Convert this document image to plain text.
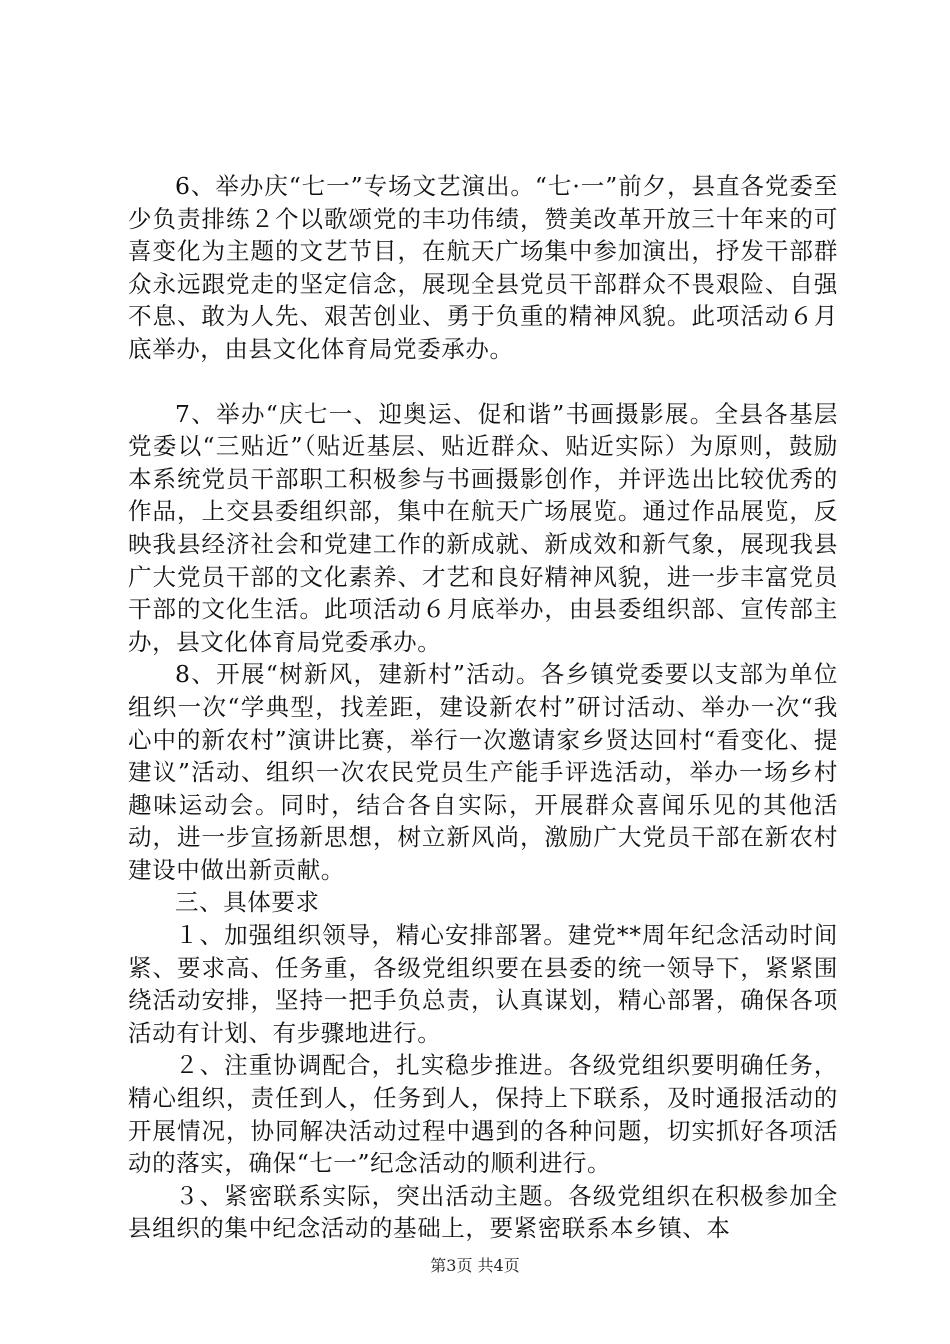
6、举办庆“七一”专场文艺演出。“七·一”前夕，县直各党委至少负责排练２个以歌颂党的丰功伟绩，赞美改革开放三十年来的可喜变化为主题的文艺节目，在航天广场集中参加演出，抒发干部群众永远跟党走的坚定信念，展现全县党员干部群众不畏艰险、自强不息、敢为人先、艰苦创业、勇于负重的精神风貌。此项活动６月底举办，由县文化体育局党委承办。

7、举办“庆七一、迎奥运、促和谐”书画摄影展。全县各基层党委以“三贴近”（贴近基层、贴近群众、贴近实际）为原则，鼓励本系统党员干部职工积极参与书画摄影创作，并评选出比较优秀的作品，上交县委组织部，集中在航天广场展览。通过作品展览，反映我县经济社会和党建工作的新成就、新成效和新气象，展现我县广大党员干部的文化素养、才艺和良好精神风貌，进一步丰富党员干部的文化生活。此项活动６月底举办，由县委组织部、宣传部主办，县文化体育局党委承办。

8、开展“树新风，建新村”活动。各乡镇党委要以支部为单位组织一次“学典型，找差距，建设新农村”研讨活动、举办一次“我心中的新农村”演讲比赛，举行一次邀请家乡贤达回村“看变化、提建议”活动、组织一次农民党员生产能手评选活动，举办一场乡村趣味运动会。同时，结合各自实际，开展群众喜闻乐见的其他活动，进一步宣扬新思想，树立新风尚，激励广大党员干部在新农村建设中做出新贡献。

三、具体要求

１、加强组织领导，精心安排部署。建党**周年纪念活动时间紧、要求高、任务重，各级党组织要在县委的统一领导下，紧紧围绕活动安排，坚持一把手负总责，认真谋划，精心部署，确保各项活动有计划、有步骤地进行。

２、注重协调配合，扎实稳步推进。各级党组织要明确任务，精心组织，责任到人，任务到人，保持上下联系，及时通报活动的开展情况，协同解决活动过程中遇到的各种问题，切实抓好各项活动的落实，确保“七一”纪念活动的顺利进行。

３、紧密联系实际，突出活动主题。各级党组织在积极参加全县组织的集中纪念活动的基础上，要紧密联系本乡镇、本

第3页 共4页
